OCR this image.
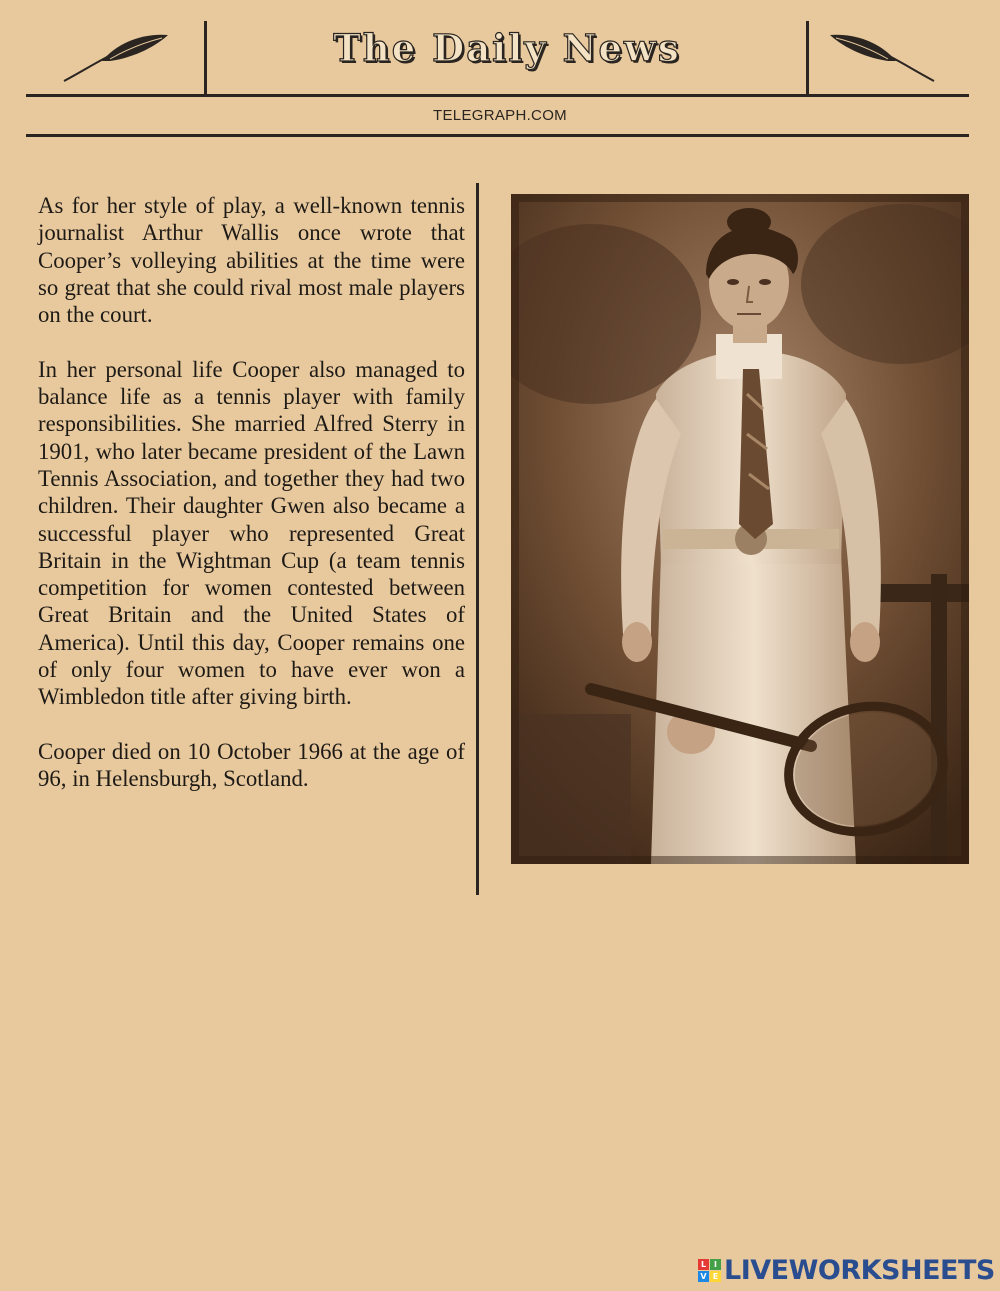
The Daily News
TELEGRAPH.COM

As for her style of play, a well-known tennis journalist Arthur Wallis once wrote that Cooper’s volleying abilities at the time were so great that she could rival most male players on the court.

In her personal life Cooper also managed to balance life as a tennis player with family responsibilities. She married Alfred Sterry in 1901, who later became president of the Lawn Tennis Association, and together they had two children. Their daughter Gwen also became a successful player who represented Great Britain in the Wightman Cup (a team tennis competition for women contested between Great Britain and the United States of America). Until this day, Cooper remains one of only four women to have ever won a Wimbledon title after giving birth.

Cooper died on 10 October 1966 at the age of 96, in Helensburgh, Scotland.

L I
V E LIVEWORKSHEETS
